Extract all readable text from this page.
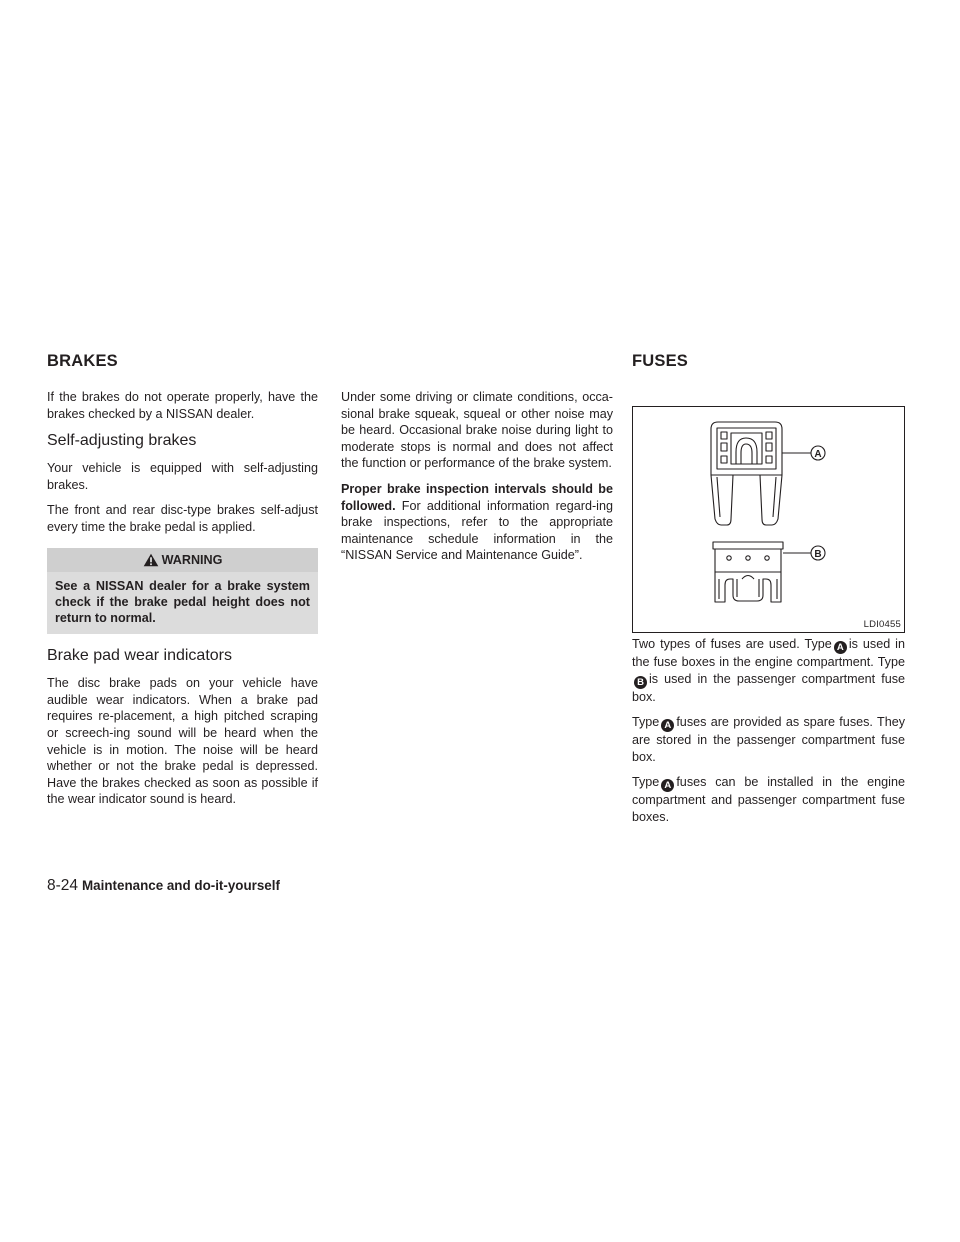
BRAKES	FUSES

If the brakes do not operate properly, have the brakes checked by a NISSAN dealer.

Self-adjusting brakes

Your vehicle is equipped with self-adjusting brakes.

The front and rear disc-type brakes self-adjust every time the brake pedal is applied.

WARNING
See a NISSAN dealer for a brake system check if the brake pedal height does not return to normal.
Brake pad wear indicators

The disc brake pads on your vehicle have audible wear indicators. When a brake pad requires re-placement, a high pitched scraping or screech-ing sound will be heard when the vehicle is in motion. The noise will be heard whether or not the brake pedal is depressed. Have the brakes checked as soon as possible if the wear indicator sound is heard.

Under some driving or climate conditions, occa-sional brake squeak, squeal or other noise may be heard. Occasional brake noise during light to moderate stops is normal and does not affect the function or performance of the brake system.

Proper brake inspection intervals should be followed. For additional information regard-ing brake inspections, refer to the appropriate maintenance schedule information in the “NISSAN Service and Maintenance Guide”.

A
B
LDI0455

Two types of fuses are used. Type A is used in the fuse boxes in the engine compartment. Type B is used in the passenger compartment fuse box.

Type A fuses are provided as spare fuses. They are stored in the passenger compartment fuse box.

Type A fuses can be installed in the engine compartment and passenger compartment fuse boxes.

8-24 Maintenance and do-it-yourself
